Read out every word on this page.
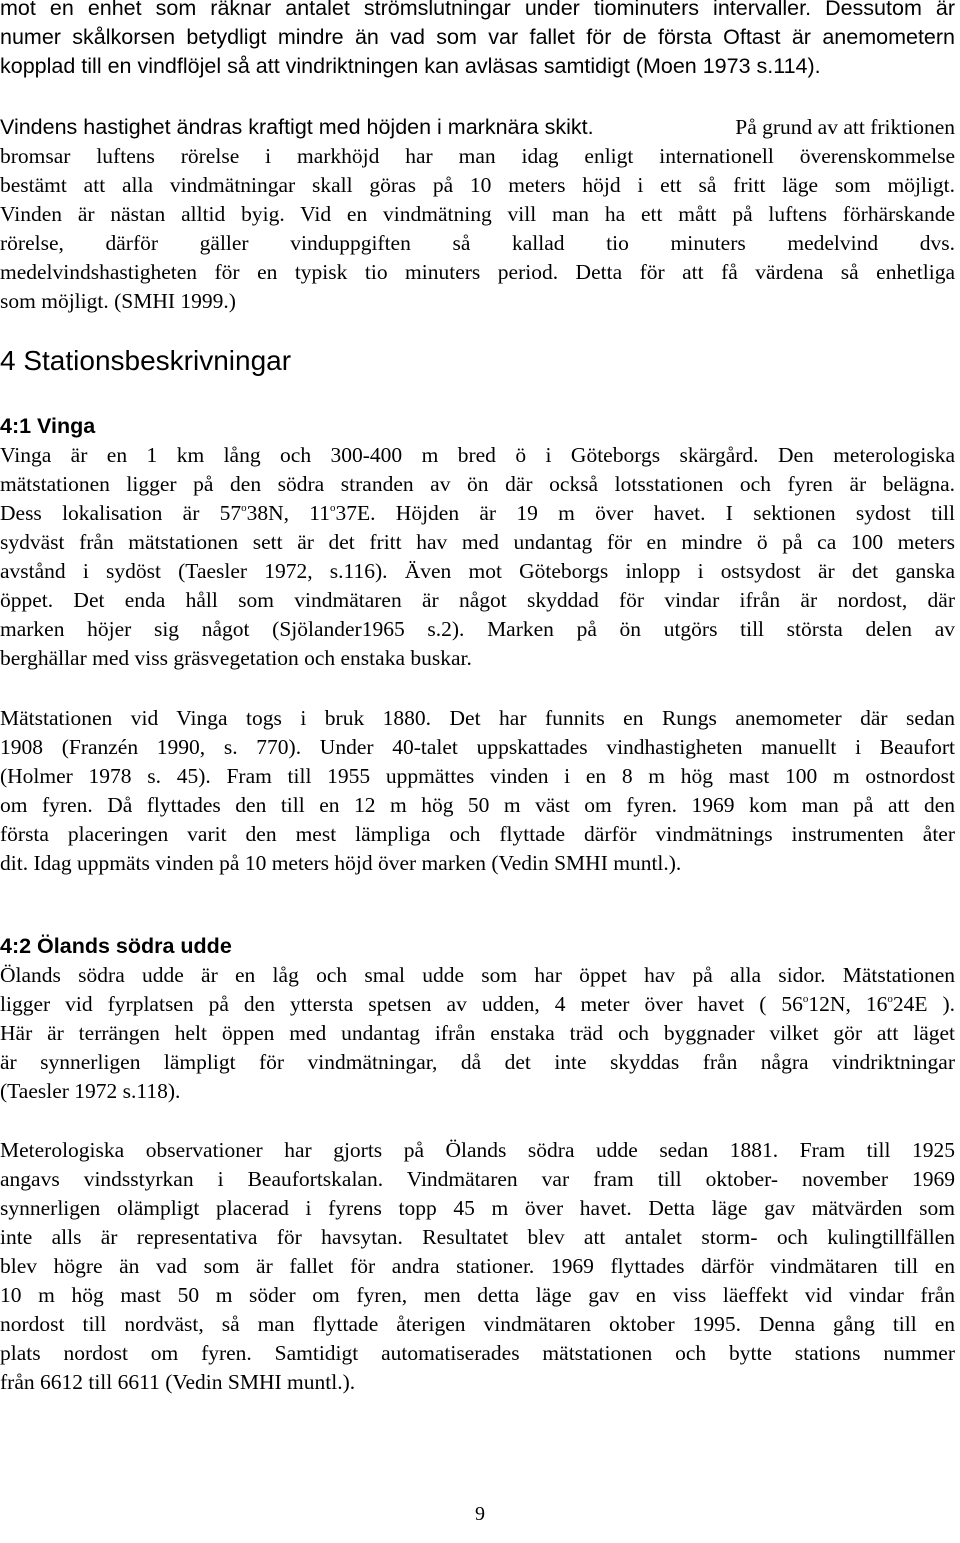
mot en enhet som räknar antalet strömslutningar under tiominuters intervaller. Dessutom är
numer skålkorsen betydligt mindre än vad som var fallet för de första Oftast är anemometern
kopplad till en vindflöjel så att vindriktningen kan avläsas samtidigt (Moen 1973 s.114).
Vindens hastighet ändras kraftigt med höjden i marknära skikt.	På grund av att friktionen
bromsar luftens rörelse i markhöjd har man idag enligt internationell överenskommelse
bestämt att alla vindmätningar skall göras på 10 meters höjd i ett så fritt läge som möjligt.
Vinden är nästan alltid byig. Vid en vindmätning vill man ha ett mått på luftens förhärskande
rörelse, därför gäller vinduppgiften så kallad tio minuters medelvind dvs.
medelvindshastigheten för en typisk tio minuters period. Detta för att få värdena så enhetliga
som möjligt. (SMHI 1999.)
4 Stationsbeskrivningar
4:1 Vinga
Vinga är en 1 km lång och 300-400 m bred ö i Göteborgs skärgård. Den meterologiska
mätstationen ligger på den södra stranden av ön där också lotsstationen och fyren är belägna.
Dess lokalisation är 57$^o$38N, 11$^o$37E. Höjden är 19 m över havet. I sektionen sydost till
sydväst från mätstationen sett är det fritt hav med undantag för en mindre ö på ca 100 meters
avstånd i sydöst (Taesler 1972, s.116). Även mot Göteborgs inlopp i ostsydost är det ganska
öppet. Det enda håll som vindmätaren är något skyddad för vindar ifrån är nordost, där
marken höjer sig något (Sjölander1965 s.2). Marken på ön utgörs till största delen av
berghällar med viss gräsvegetation och enstaka buskar.
Mätstationen vid Vinga togs i bruk 1880. Det har funnits en Rungs anemometer där sedan
1908 (Franzén 1990, s. 770). Under 40-talet uppskattades vindhastigheten manuellt i Beaufort
(Holmer 1978 s. 45). Fram till 1955 uppmättes vinden i en 8 m hög mast 100 m ostnordost
om fyren. Då flyttades den till en 12 m hög 50 m väst om fyren. 1969 kom man på att den
första placeringen varit den mest lämpliga och flyttade därför vindmätnings instrumenten åter
dit. Idag uppmäts vinden på 10 meters höjd över marken (Vedin SMHI muntl.).
4:2 Ölands södra udde
Ölands södra udde är en låg och smal udde som har öppet hav på alla sidor. Mätstationen
ligger vid fyrplatsen på den yttersta spetsen av udden, 4 meter över havet ( 56$^o$12N, 16$^o$24E ).
Här är terrängen helt öppen med undantag ifrån enstaka träd och byggnader vilket gör att läget
är synnerligen lämpligt för vindmätningar, då det inte skyddas från några vindriktningar
(Taesler 1972 s.118).
Meterologiska observationer har gjorts på Ölands södra udde sedan 1881. Fram till 1925
angavs vindsstyrkan i Beaufortskalan. Vindmätaren var fram till oktober- november 1969
synnerligen olämpligt placerad i fyrens topp 45 m över havet. Detta läge gav mätvärden som
inte alls är representativa för havsytan. Resultatet blev att antalet storm- och kulingtillfällen
blev högre än vad som är fallet för andra stationer. 1969 flyttades därför vindmätaren till en
10 m hög mast 50 m söder om fyren, men detta läge gav en viss läeffekt vid vindar från
nordost till nordväst, så man flyttade återigen vindmätaren oktober 1995. Denna gång till en
plats nordost om fyren. Samtidigt automatiserades mätstationen och bytte stations nummer
från 6612 till 6611 (Vedin SMHI muntl.).
9
